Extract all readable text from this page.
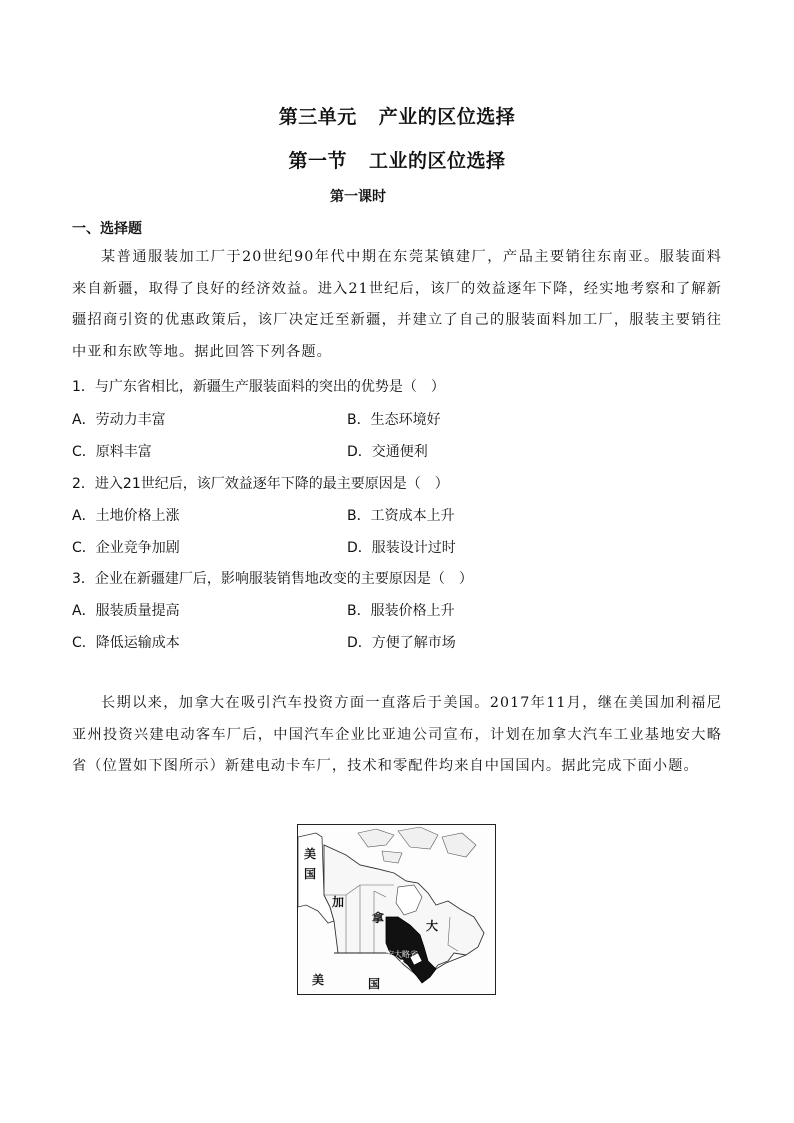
第三单元 产业的区位选择
第一节 工业的区位选择
第一课时
一、选择题
某普通服装加工厂于20世纪90年代中期在东莞某镇建厂，产品主要销往东南亚。服装面料来自新疆，取得了良好的经济效益。进入21世纪后，该厂的效益逐年下降，经实地考察和了解新疆招商引资的优惠政策后，该厂决定迁至新疆，并建立了自己的服装面料加工厂，服装主要销往中亚和东欧等地。据此回答下列各题。
1．与广东省相比，新疆生产服装面料的突出的优势是（　）
A．劳动力丰富	B．生态环境好
C．原料丰富	D．交通便利
2．进入21世纪后，该厂效益逐年下降的最主要原因是（　）
A．土地价格上涨	B．工资成本上升
C．企业竞争加剧	D．服装设计过时
3．企业在新疆建厂后，影响服装销售地改变的主要原因是（　）
A．服装质量提高	B．服装价格上升
C．降低运输成本	D．方便了解市场
长期以来，加拿大在吸引汽车投资方面一直落后于美国。2017年11月，继在美国加利福尼亚州投资兴建电动客车厂后，中国汽车企业比亚迪公司宣布，计划在加拿大汽车工业基地安大略省（位置如下图所示）新建电动卡车厂，技术和零配件均来自中国国内。据此完成下面小题。
美
国
加
拿
大
美	国
安大略省
